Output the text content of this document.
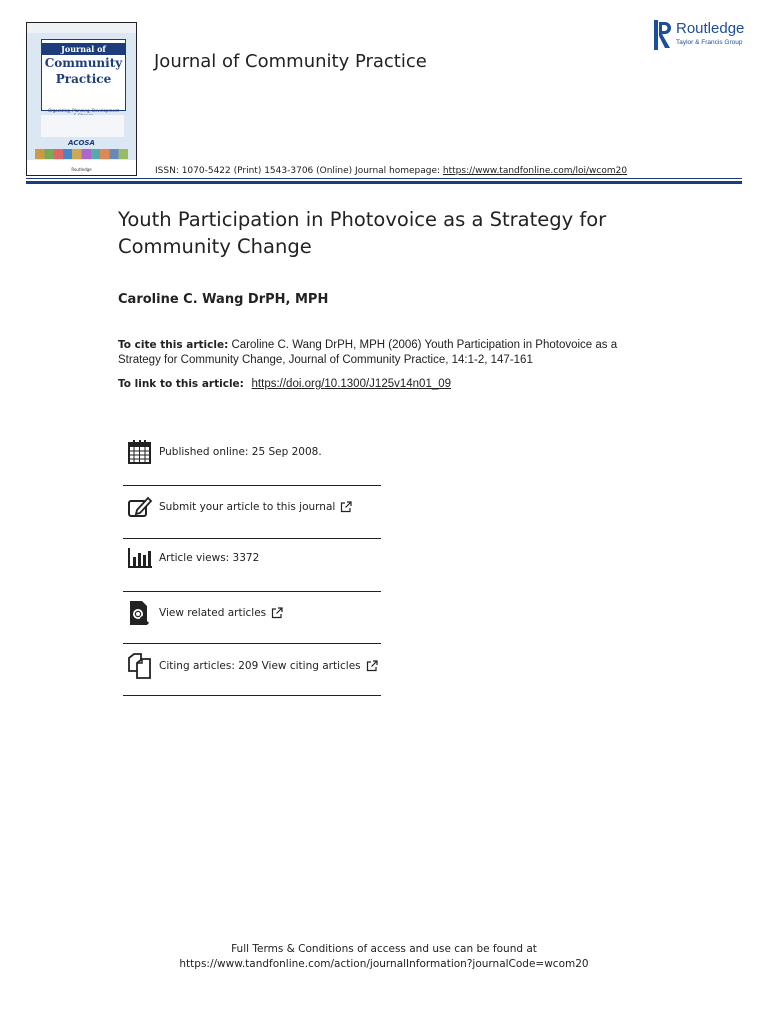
Journal of
Community
Practice
Organizing, Planning, Development
ACOSA
Routledge
Journal of Community Practice
Routledge
Taylor & Francis Group
ISSN: 1070-5422 (Print) 1543-3706 (Online) Journal homepage: https://www.tandfonline.com/loi/wcom20
Youth Participation in Photovoice as a Strategy for Community Change
Caroline C. Wang DrPH, MPH
To cite this article: Caroline C. Wang DrPH, MPH (2006) Youth Participation in Photovoice as a Strategy for Community Change, Journal of Community Practice, 14:1-2, 147-161
To link to this article: https://doi.org/10.1300/J125v14n01_09
Published online: 25 Sep 2008.
Submit your article to this journal
Article views: 3372
View related articles
Citing articles: 209 View citing articles
Full Terms & Conditions of access and use can be found at
https://www.tandfonline.com/action/journalInformation?journalCode=wcom20
